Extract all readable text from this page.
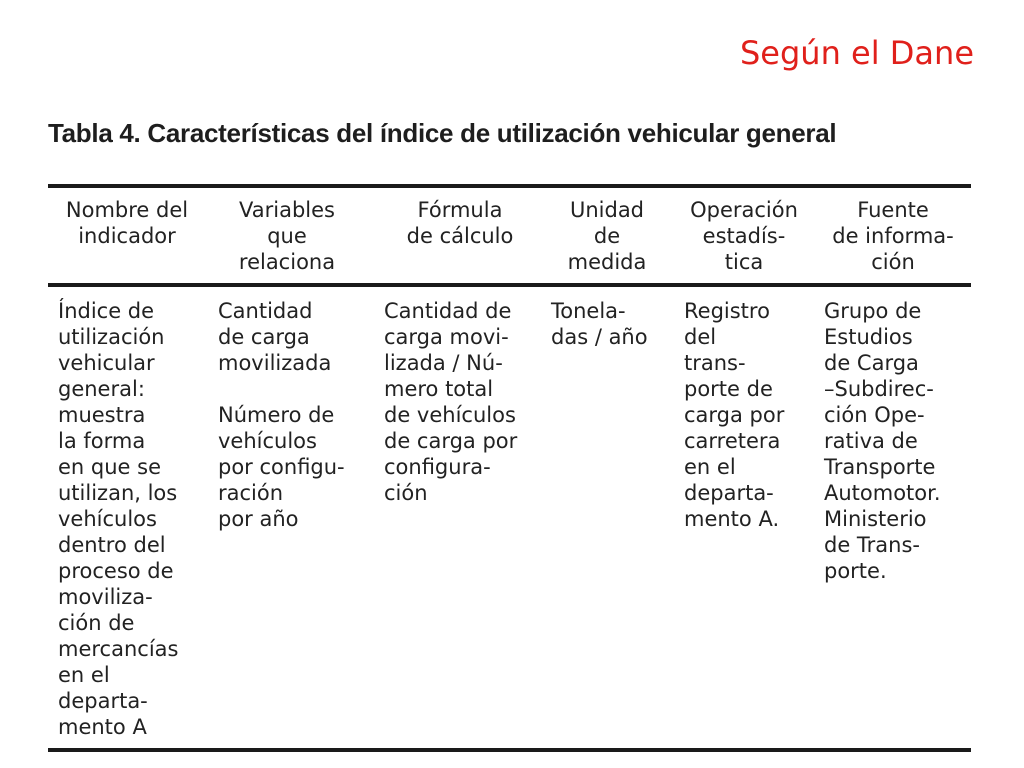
Según el Dane
Tabla 4. Características del índice de utilización vehicular general
Nombre del
indicador
Variables
que
relaciona
Fórmula
de cálculo
Unidad
de
medida
Operación
estadís-
tica
Fuente
de informa-
ción
Índice de
utilización
vehicular
general:
muestra
la forma
en que se
utilizan, los
vehículos
dentro del
proceso de
moviliza-
ción de
mercancías
en el
departa-
mento A
Cantidad
de carga
movilizada

Número de
vehículos
por configu-
ración
por año
Cantidad de
carga movi-
lizada / Nú-
mero total
de vehículos
de carga por
configura-
ción
Tonela-
das / año
Registro
del
trans-
porte de
carga por
carretera
en el
departa-
mento A.
Grupo de
Estudios
de Carga
–Subdirec-
ción Ope-
rativa de
Transporte
Automotor.
Ministerio
de Trans-
porte.
